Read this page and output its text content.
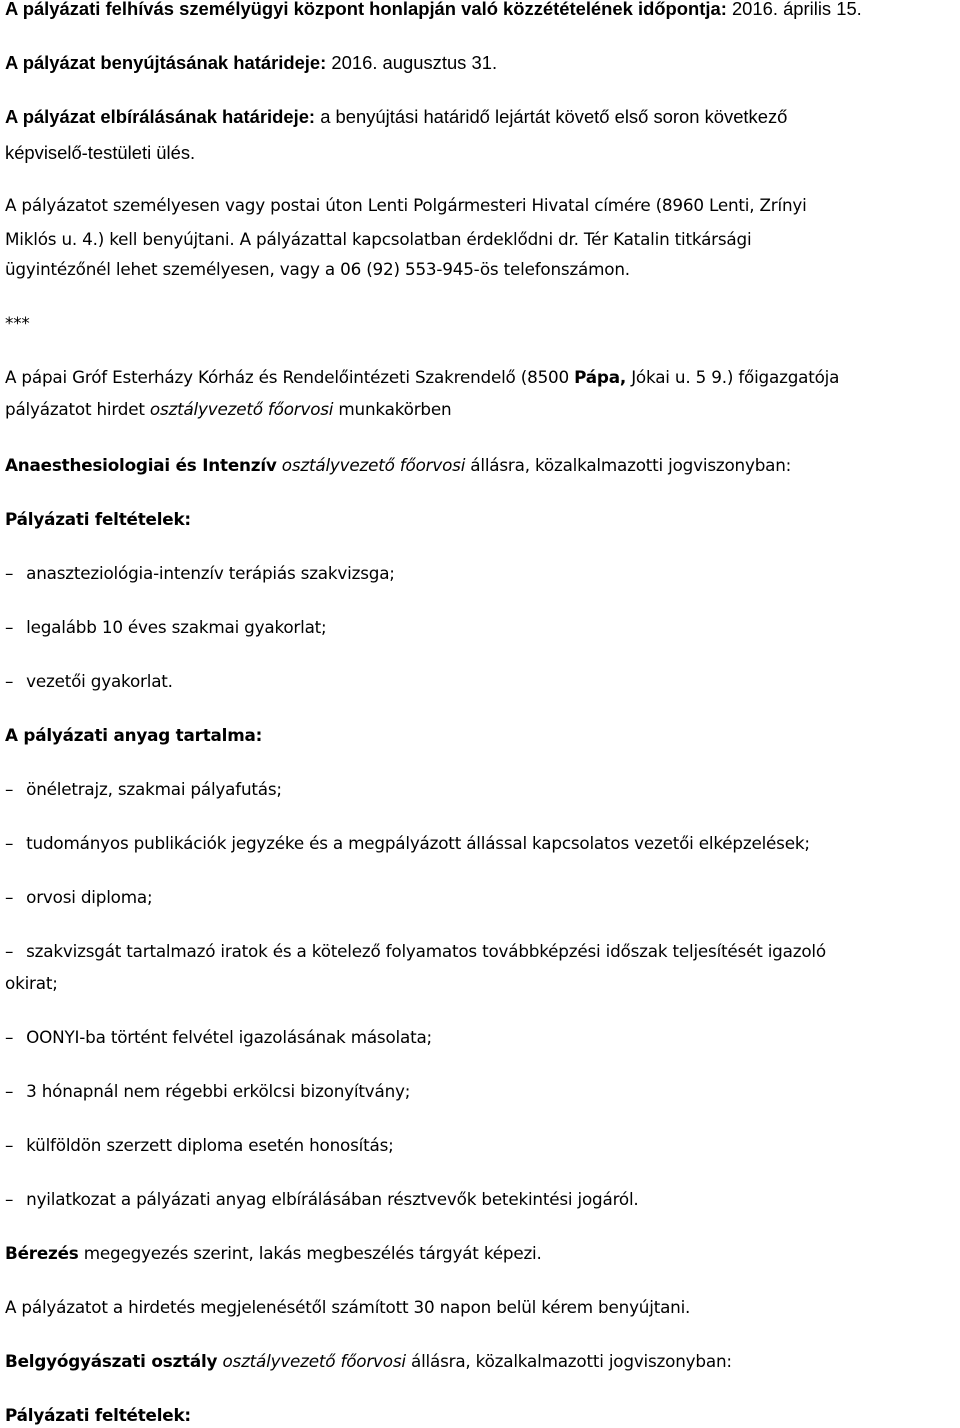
A pályázati felhívás személyügyi központ honlapján való közzétételének időpontja: 2016. április 15.

A pályázat benyújtásának határideje: 2016. augusztus 31.

A pályázat elbírálásának határideje: a benyújtási határidő lejártát követő első soron következő

képviselő-testületi ülés.

A pályázatot személyesen vagy postai úton Lenti Polgármesteri Hivatal címére (8960 Lenti, Zrínyi

Miklós u. 4.) kell benyújtani. A pályázattal kapcsolatban érdeklődni dr. Tér Katalin titkársági

ügyintézőnél lehet személyesen, vagy a 06 (92) 553-945-ös telefonszámon.

***

A pápai Gróf Esterházy Kórház és Rendelőintézeti Szakrendelő (8500 Pápa, Jókai u. 5 9.) főigazgatója

pályázatot hirdet osztályvezető főorvosi munkakörben

Anaesthesiologiai és Intenzív osztályvezető főorvosi állásra, közalkalmazotti jogviszonyban:

Pályázati feltételek:

– anaszteziológia-intenzív terápiás szakvizsga;

– legalább 10 éves szakmai gyakorlat;

– vezetői gyakorlat.

A pályázati anyag tartalma:

– önéletrajz, szakmai pályafutás;

– tudományos publikációk jegyzéke és a megpályázott állással kapcsolatos vezetői elképzelések;

– orvosi diploma;

– szakvizsgát tartalmazó iratok és a kötelező folyamatos továbbképzési időszak teljesítését igazoló

okirat;

– OONYI-ba történt felvétel igazolásának másolata;

– 3 hónapnál nem régebbi erkölcsi bizonyítvány;

– külföldön szerzett diploma esetén honosítás;

– nyilatkozat a pályázati anyag elbírálásában résztvevők betekintési jogáról.

Bérezés megegyezés szerint, lakás megbeszélés tárgyát képezi.

A pályázatot a hirdetés megjelenésétől számított 30 napon belül kérem benyújtani.

Belgyógyászati osztály osztályvezető főorvosi állásra, közalkalmazotti jogviszonyban:

Pályázati feltételek:
